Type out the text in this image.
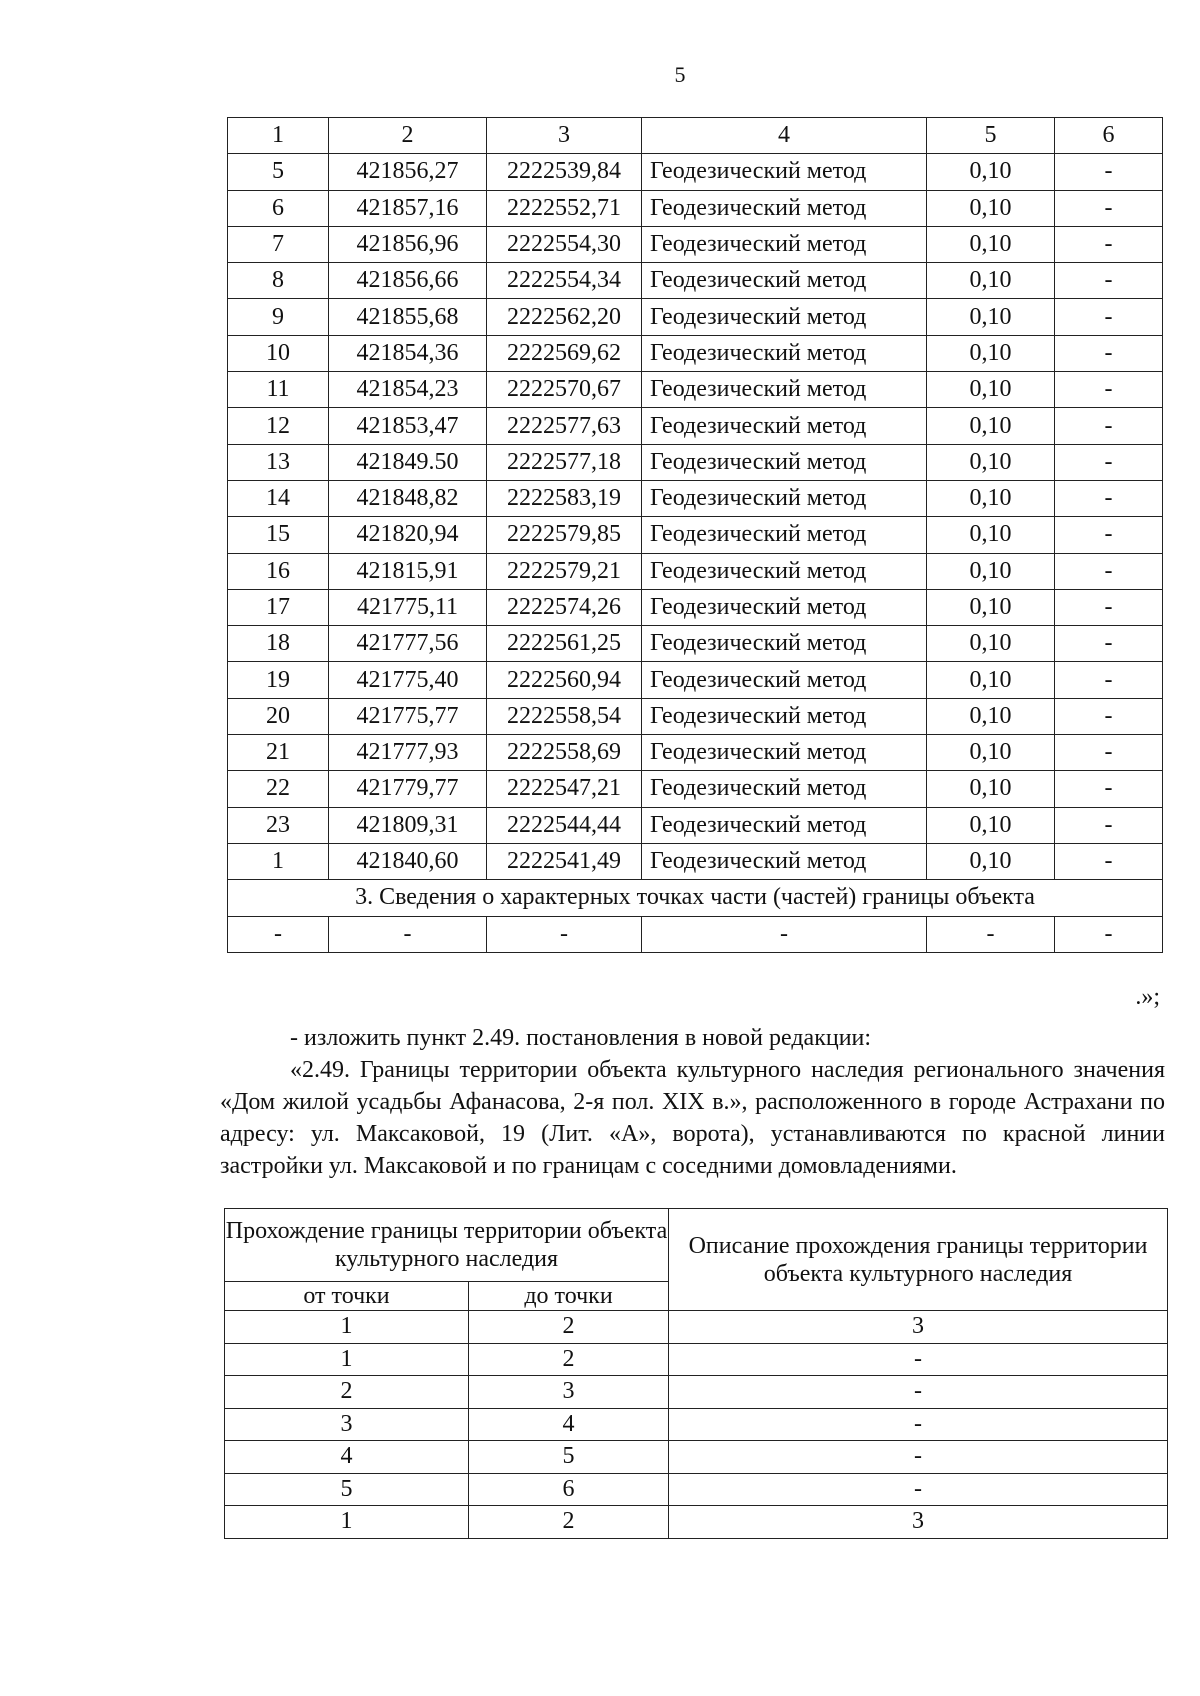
5
1	2	3	4	5	6
5	421856,27	2222539,84	Геодезический метод	0,10	-
6	421857,16	2222552,71	Геодезический метод	0,10	-
7	421856,96	2222554,30	Геодезический метод	0,10	-
8	421856,66	2222554,34	Геодезический метод	0,10	-
9	421855,68	2222562,20	Геодезический метод	0,10	-
10	421854,36	2222569,62	Геодезический метод	0,10	-
11	421854,23	2222570,67	Геодезический метод	0,10	-
12	421853,47	2222577,63	Геодезический метод	0,10	-
13	421849.50	2222577,18	Геодезический метод	0,10	-
14	421848,82	2222583,19	Геодезический метод	0,10	-
15	421820,94	2222579,85	Геодезический метод	0,10	-
16	421815,91	2222579,21	Геодезический метод	0,10	-
17	421775,11	2222574,26	Геодезический метод	0,10	-
18	421777,56	2222561,25	Геодезический метод	0,10	-
19	421775,40	2222560,94	Геодезический метод	0,10	-
20	421775,77	2222558,54	Геодезический метод	0,10	-
21	421777,93	2222558,69	Геодезический метод	0,10	-
22	421779,77	2222547,21	Геодезический метод	0,10	-
23	421809,31	2222544,44	Геодезический метод	0,10	-
1	421840,60	2222541,49	Геодезический метод	0,10	-
3. Сведения о характерных точках части (частей) границы объекта					
-	-	-	-	-	-
.»;
- изложить пункт 2.49. постановления в новой редакции:
«2.49. Границы территории объекта культурного наследия регионального значения «Дом жилой усадьбы Афанасова, 2-я пол. XIX в.», расположенного в городе Астрахани по адресу: ул. Максаковой, 19 (Лит. «А», ворота), устанавливаются по красной линии застройки ул. Максаковой и по границам с соседними домовладениями.
Прохождение границы территории объекта культурного наследия		Описание прохождения границы территории объекта культурного наследия
от точки	до точки	
1	2	3
1	2	-
2	3	-
3	4	-
4	5	-
5	6	-
1	2	3
